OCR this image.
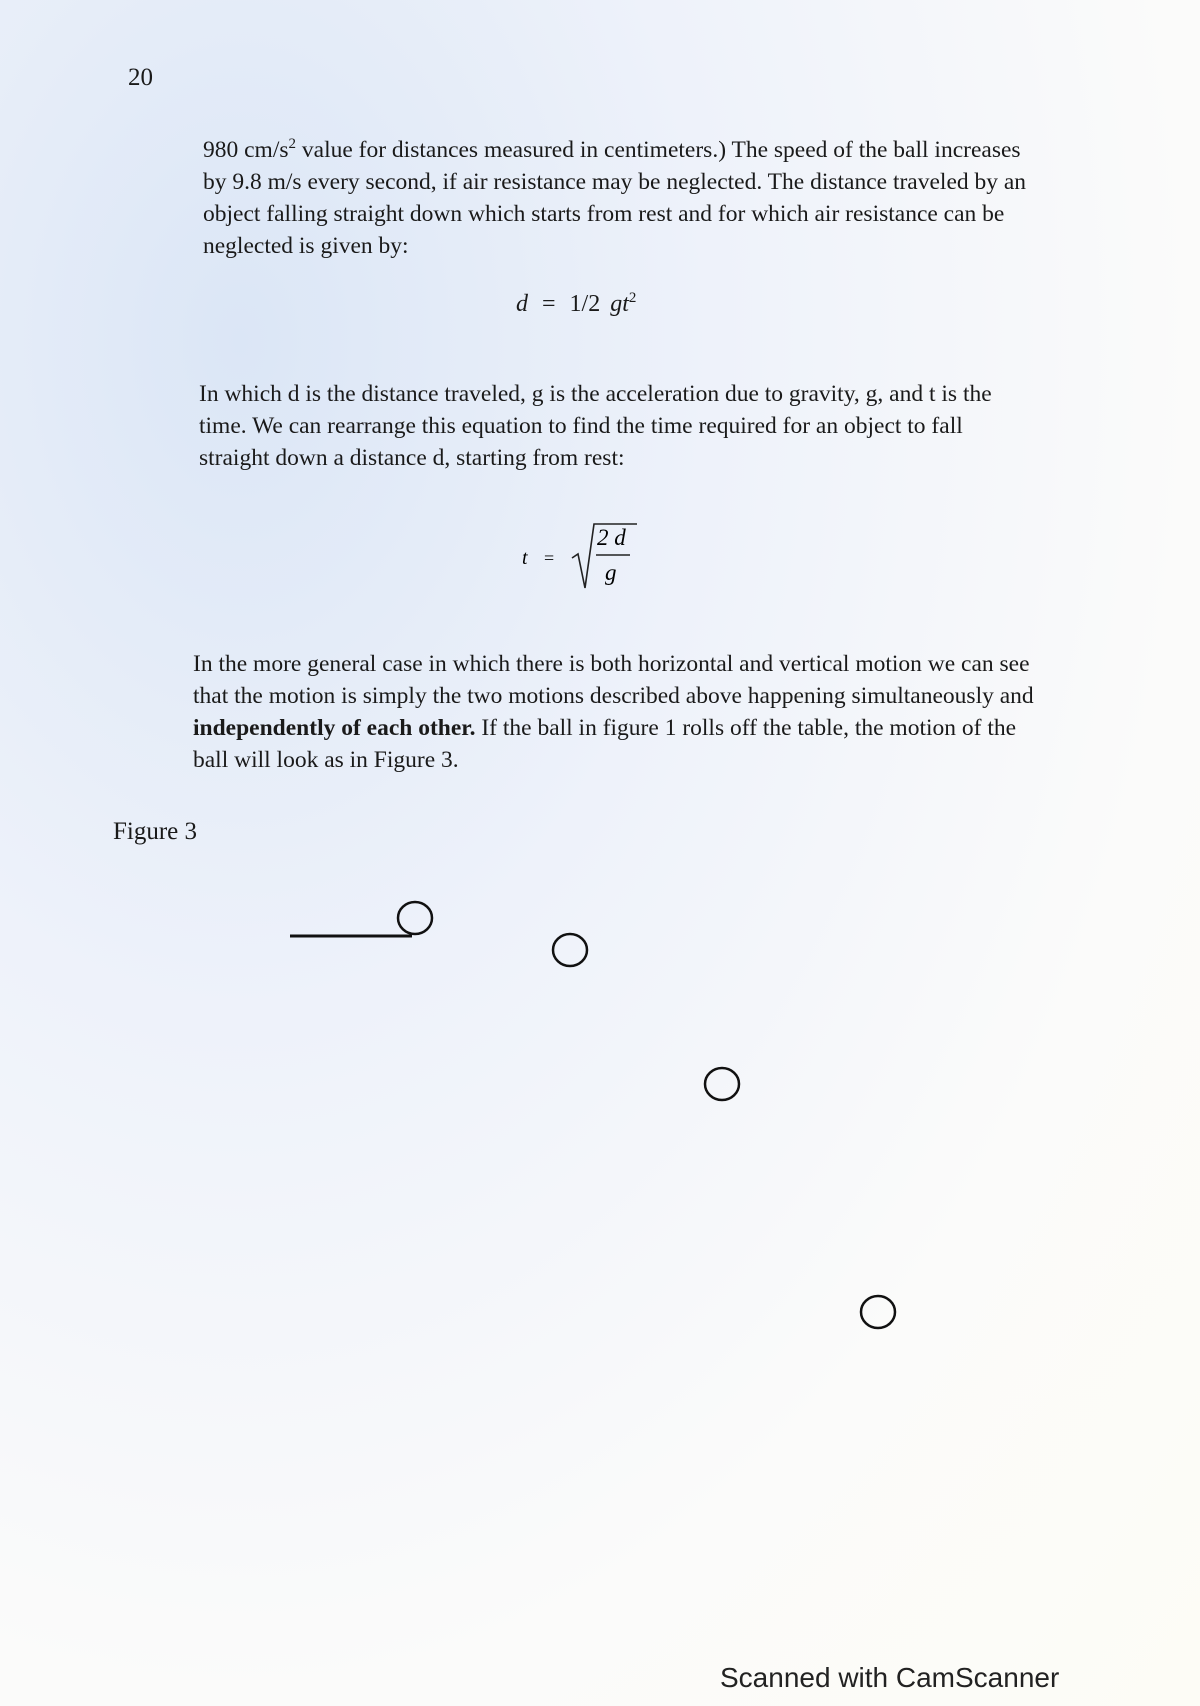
20
980 $cm/s^2$ value for distances measured in centimeters.) The speed of the ball increases by 9.8 m/s every second, if air resistance may be neglected. The distance traveled by an object falling straight down which starts from rest and for which air resistance can be neglected is given by:
d = 1/2 $gt^2$
In which d is the distance traveled, g is the acceleration due to gravity, g, and t is the time. We can rearrange this equation to find the time required for an object to fall straight down a distance d, starting from rest:
t =
2 d
g
In the more general case in which there is both horizontal and vertical motion we can see that the motion is simply the two motions described above happening simultaneously and independently of each other. If the ball in figure 1 rolls off the table, the motion of the ball will look as in Figure 3.
Figure 3
Scanned with CamScanner
